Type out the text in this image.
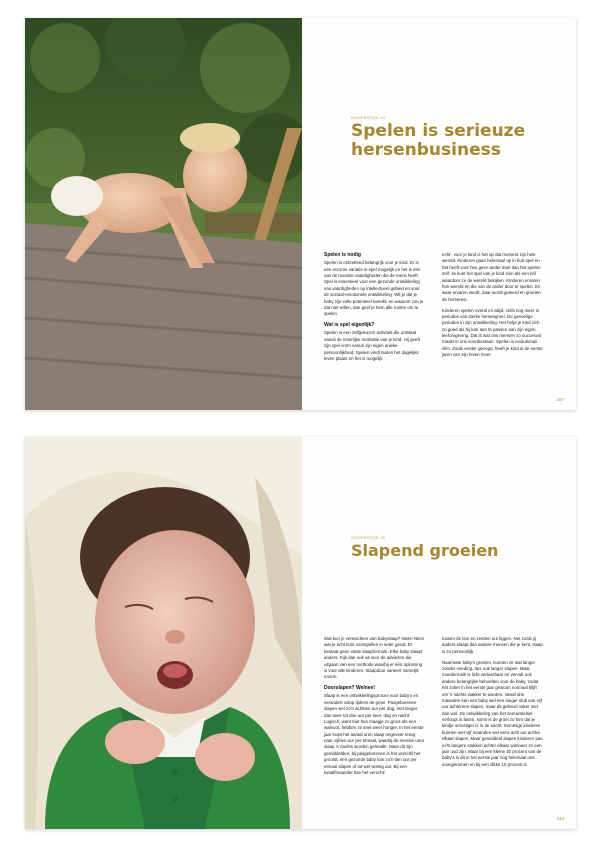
HOOFDSTUK 14
Spelen is serieuze
hersenbusiness
Spelen is nodig

Spelen is ontzettend belangrijk voor je kind. Er is een enorme variatie in spel mogelijk en het is één van de mooiste vaardigheden die de mens heeft. Spel is essentieel voor een gezonde ontwikkeling van vaardigheden op intellectueel gebied en voor de sociaal-emotionele ontwikkeling. Wil je dat je baby zijn volle potentieel bereikt, en waarom zou je dat niet willen, dan geef je hem alle ruimte om te spelen.

Wat is spel eigenlijk?

Spelen is een zelfgekozen activiteit die ontstaat vanuit de innerlijke motivatie van je kind. Hij geeft zijn spel vorm vanuit zijn eigen unieke persoonlijkheid. Spelen vindt buiten het dagelijks leven plaats en het is mogelijk

echt', voor je kind is het op dat moment zijn hele wereld. Kinderen gaan helemaal op in hun spel en het heeft voor hen geen ander doel dan het spelen zelf. Je kunt het spel van je kind zien als een bril waardoor ze de wereld bekijken. Kinderen ervaren hun wereld en die van de ander door te spelen. En waar ervaren wordt, daar wordt geleerd en groeien de hersenen.

Kinderen spelen overal en altijd, zelfs nog meer in periodes van sterke hersengroei. De gevoelige perioden in zijn ontwikkeling. Het helpt je kind zich zo goed als hij kan aan te passen aan zijn eigen leefomgeving. Dat is wat ons mensen zo succesvol maakt in ons voortbestaan. Spelen is evolutionair slim. Zoals eerder gezegd, heeft je kind in de eerste jaren van zijn leven meer

167
HOOFDSTUK 15
Slapend groeien

Wat kun je verwachten van babyslaap? Niets! Niets wat je echt kunt voorspellen in ieder geval. Er bestaat geen vaste slaapformule. Elke baby slaapt anders. Kijk dan ook uit voor de adviezen die uitgaan van een methode waarbij er één oplossing is voor alle kinderen. Slaapduur varieert namelijk enorm.

Doorslapen? Welnee!

Slaap is een ontwikkelingsproces voor baby's en verandert volop tijdens de groei. Pasgeborenen slapen wel zo'n achttien uur per dag, met langer dan twee tot drie uur per keer, dag en nacht. Logisch, want met hun maagje zo groot als een walnoot, hebben ze snel weer honger. In het eerste jaar loopt het aantal uren slaap ongeveer terug naar vijftien uur per etmaal, waarbij de meeste uren slaap 's nachts worden gemaakt. Maar dit zijn gemiddelden, bij pasgeborenen is het verschil het grootst, een gezonde baby kan zo'n tien uur per etmaal slapen of tot wel twintig uur. Bij een twaalfmaander kan het verschil

tussen de tien en zestien uur liggen. Net zoals jij anders slaapt dan andere mensen die je kent, slaap is zo persoonlijk.

Naarmate baby's groeien, kunnen ze wat langer zonder voeding, dus ook langer slapen. Maar moedermelk is licht verteerbaar en vervult ook andere belangrijke behoeften voor de baby, zodat het zoker in het eerste jaar gewoon normaal blijft om 's nachts wakker te worden. Vanaf drie maanden kan een baby wel een langer stuk van vijf uur achtereen slapen, maar dit gebeurt vaker niet dan wel. De ontwikkeling van het zenuwstelsel verloopt in fasen, soms is de groei zo fors dat je kindje onrustiger is in de nacht. Sommige kinderen kunnen met vijf maanden wel eens acht uur achter elkaar slapen. Maar gemiddeld slapen kinderen pas echt langere stukken achter elkaar wanneer ze een jaar oud zijn. Maar bij een kleine 30 procent van de baby's is dit in het eerste jaar nog helemaal niet voorgekomen en bij een dikke 10 procent is

143
